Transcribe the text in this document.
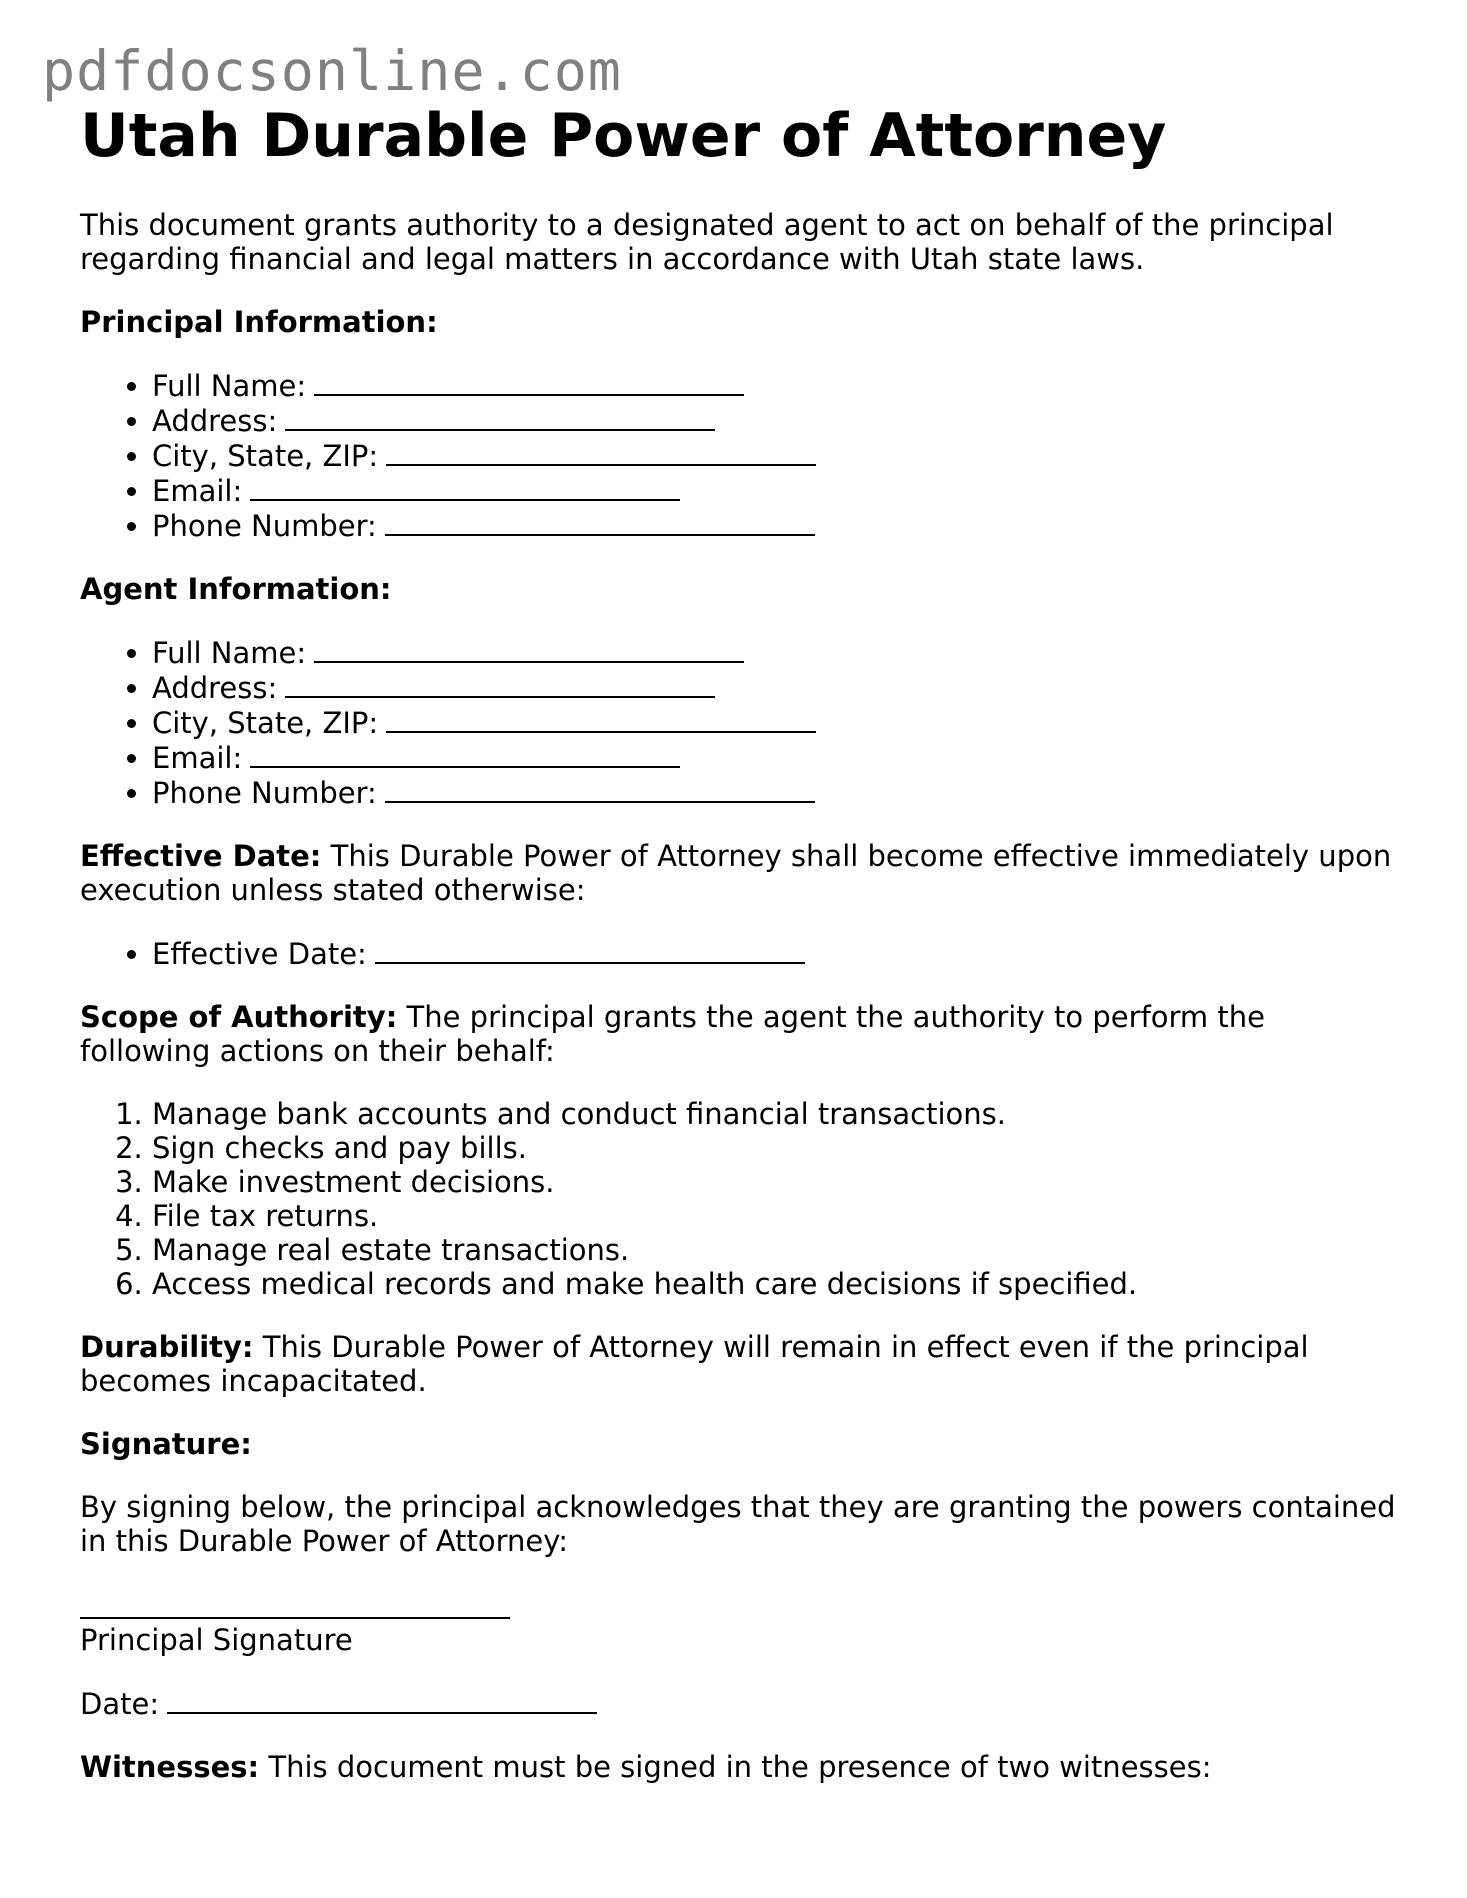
pdfdocsonline.com
Utah Durable Power of Attorney

This document grants authority to a designated agent to act on behalf of the principal regarding financial and legal matters in accordance with Utah state laws.

Principal Information:

• Full Name:
• Address:
• City, State, ZIP:
• Email:
• Phone Number:

Agent Information:

• Full Name:
• Address:
• City, State, ZIP:
• Email:
• Phone Number:

Effective Date: This Durable Power of Attorney shall become effective immediately upon execution unless stated otherwise:

• Effective Date:

Scope of Authority: The principal grants the agent the authority to perform the following actions on their behalf:

1. Manage bank accounts and conduct financial transactions.
2. Sign checks and pay bills.
3. Make investment decisions.
4. File tax returns.
5. Manage real estate transactions.
6. Access medical records and make health care decisions if specified.

Durability: This Durable Power of Attorney will remain in effect even if the principal becomes incapacitated.

Signature:

By signing below, the principal acknowledges that they are granting the powers contained in this Durable Power of Attorney:

Principal Signature

Date:

Witnesses: This document must be signed in the presence of two witnesses:
